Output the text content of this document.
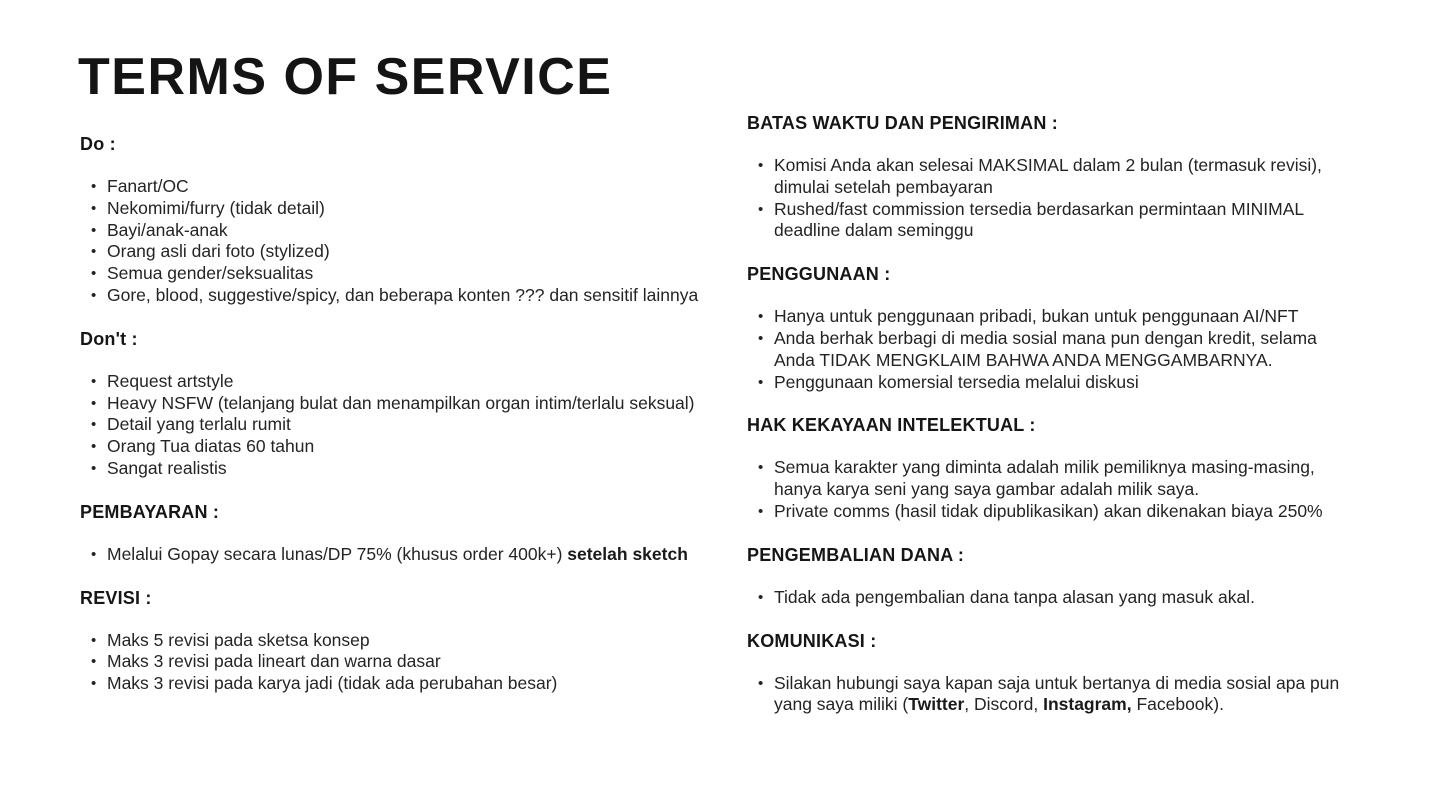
TERMS OF SERVICE
Do :
• Fanart/OC
• Nekomimi/furry (tidak detail)
• Bayi/anak-anak
• Orang asli dari foto (stylized)
• Semua gender/seksualitas
• Gore, blood, suggestive/spicy, dan beberapa konten ??? dan sensitif lainnya
Don't :
• Request artstyle
• Heavy NSFW (telanjang bulat dan menampilkan organ intim/terlalu seksual)
• Detail yang terlalu rumit
• Orang Tua diatas 60 tahun
• Sangat realistis
PEMBAYARAN :
• Melalui Gopay secara lunas/DP 75% (khusus order 400k+) setelah sketch
REVISI :
• Maks 5 revisi pada sketsa konsep
• Maks 3 revisi pada lineart dan warna dasar
• Maks 3 revisi pada karya jadi (tidak ada perubahan besar)
BATAS WAKTU DAN PENGIRIMAN :
• Komisi Anda akan selesai MAKSIMAL dalam 2 bulan (termasuk revisi), dimulai setelah pembayaran
• Rushed/fast commission tersedia berdasarkan permintaan MINIMAL deadline dalam seminggu
PENGGUNAAN :
• Hanya untuk penggunaan pribadi, bukan untuk penggunaan AI/NFT
• Anda berhak berbagi di media sosial mana pun dengan kredit, selama Anda TIDAK MENGKLAIM BAHWA ANDA MENGGAMBARNYA.
• Penggunaan komersial tersedia melalui diskusi
HAK KEKAYAAN INTELEKTUAL :
• Semua karakter yang diminta adalah milik pemiliknya masing-masing, hanya karya seni yang saya gambar adalah milik saya.
• Private comms (hasil tidak dipublikasikan) akan dikenakan biaya 250%
PENGEMBALIAN DANA :
• Tidak ada pengembalian dana tanpa alasan yang masuk akal.
KOMUNIKASI :
• Silakan hubungi saya kapan saja untuk bertanya di media sosial apa pun yang saya miliki (Twitter, Discord, Instagram, Facebook).
